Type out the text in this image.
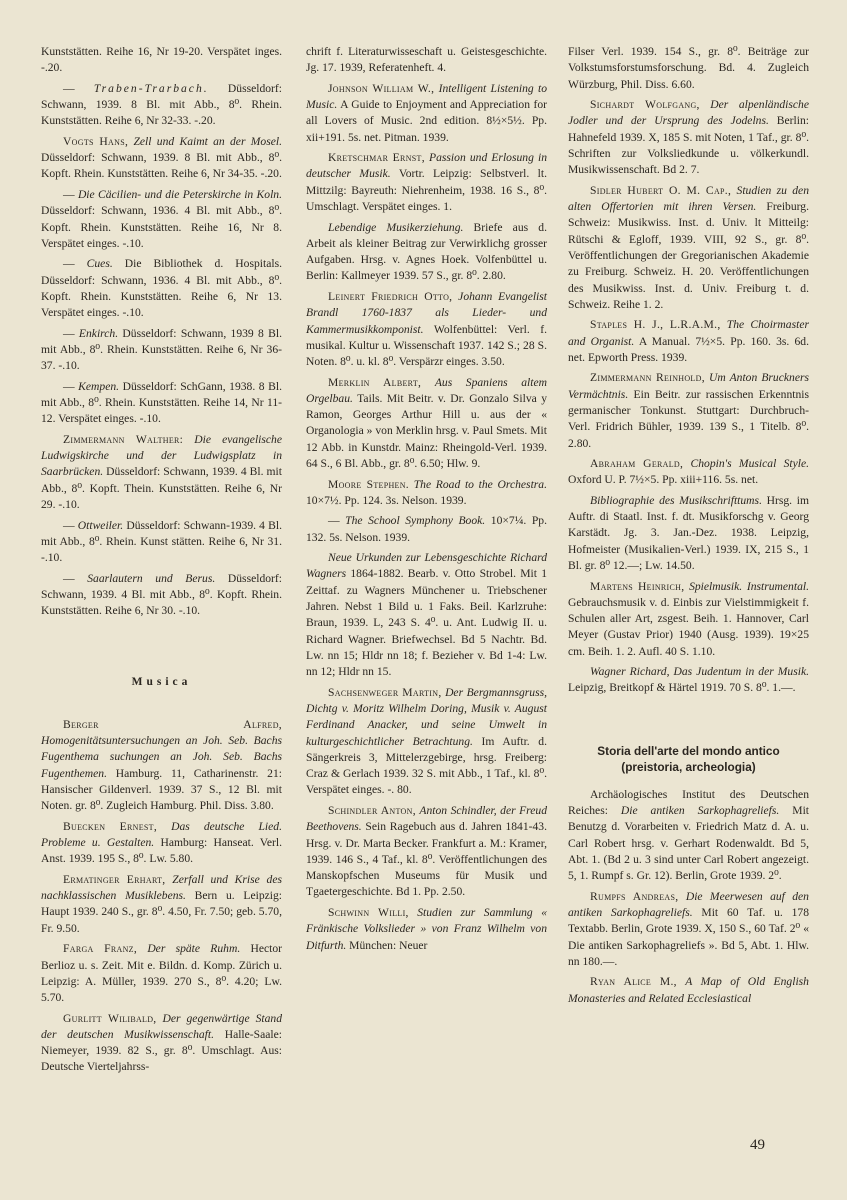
Kunststätten. Reihe 16, Nr 19-20. Verspätet inges. -.20.

— Traben-Trarbach. Düsseldorf: Schwann, 1939. 8 Bl. mit Abb., 8⁰. Rhein. Kunststätten. Reihe 6, Nr 32-33. -.20.

Vogts Hans, Zell und Kaimt an der Mosel. Düsseldorf: Schwann, 1939. 8 Bl. mit Abb., 8⁰. Kopft. Rhein. Kunststätten. Reihe 6, Nr 34-35. -.20.

— Die Cäcilien- und die Peterskirche in Koln. Düsseldorf: Schwann, 1936. 4 Bl. mit Abb., 8⁰. Kopft. Rhein. Kunststätten. Reihe 16, Nr 8. Verspätet einges. -.10.

— Cues. Die Bibliothek d. Hospitals. Düsseldorf: Schwann, 1936. 4 Bl. mit Abb., 8⁰. Kopft. Rhein. Kunststätten. Reihe 6, Nr 13. Verspätet einges. -.10.

— Enkirch. Düsseldorf: Schwann, 1939 8 Bl. mit Abb., 8⁰. Rhein. Kunststätten. Reihe 6, Nr 36-37. -.10.

— Kempen. Düsseldorf: SchGann, 1938. 8 Bl. mit Abb., 8⁰. Rhein. Kunststätten. Reihe 14, Nr 11-12. Verspätet einges. -.10.

Zimmermann Walther: Die evangelische Ludwigskirche und der Ludwigsplatz in Saarbrücken. Düsseldorf: Schwann, 1939. 4 Bl. mit Abb., 8⁰. Kopft. Thein. Kunststätten. Reihe 6, Nr 29. -.10.

— Ottweiler. Düsseldorf: Schwann-1939. 4 Bl. mit Abb., 8⁰. Rhein. Kunst stätten. Reihe 6, Nr 31. -.10.

— Saarlautern und Berus. Düsseldorf: Schwann, 1939. 4 Bl. mit Abb., 8⁰. Kopft. Rhein. Kunststätten. Reihe 6, Nr 30. -.10.

Musica

Berger Alfred, Homogenitätsuntersuchungen an Joh. Seb. Bachs Fugenthema suchungen an Joh. Seb. Bachs Fugenthemen. Hamburg. 11, Catharinenstr. 21: Hansischer Gildenverl. 1939. 37 S., 12 Bl. mit Noten. gr. 8⁰. Zugleich Hamburg. Phil. Diss. 3.80.

Buecken Ernest, Das deutsche Lied. Probleme u. Gestalten. Hamburg: Hanseat. Verl. Anst. 1939. 195 S., 8⁰. Lw. 5.80.

Ermatinger Erhart, Zerfall und Krise des nachklassischen Musiklebens. Bern u. Leipzig: Haupt 1939. 240 S., gr. 8⁰. 4.50, Fr. 7.50; geb. 5.70, Fr. 9.50.

Farga Franz, Der späte Ruhm. Hector Berlioz u. s. Zeit. Mit e. Bildn. d. Komp. Zürich u. Leipzig: A. Müller, 1939. 270 S., 8⁰. 4.20; Lw. 5.70.

Gurlitt Wilibald, Der gegenwärtige Stand der deutschen Musikwissenschaft. Halle-Saale: Niemeyer, 1939. 82 S., gr. 8⁰. Umschlagt. Aus: Deutsche Vierteljahrss-

chrift f. Literaturwisseschaft u. Geistesgeschichte. Jg. 17. 1939, Referatenheft. 4.

Johnson William W., Intelligent Listening to Music. A Guide to Enjoyment and Appreciation for all Lovers of Music. 2nd edition. 8½×5½. Pp. xii+191. 5s. net. Pitman. 1939.

Kretschmar Ernst, Passion und Erlosung in deutscher Musik. Vortr. Leipzig: Selbstverl. lt. Mittzilg: Bayreuth: Niehrenheim, 1938. 16 S., 8⁰. Umschlagt. Verspätet einges. 1.

Lebendige Musikerziehung. Briefe aus d. Arbeit als kleiner Beitrag zur Verwirklichg grosser Aufgaben. Hrsg. v. Agnes Hoek. Volfenbüttel u. Berlin: Kallmeyer 1939. 57 S., gr. 8⁰. 2.80.

Leinert Friedrich Otto, Johann Evangelist Brandl 1760-1837 als Lieder- und Kammermusikkomponist. Wolfenbüttel: Verl. f. musikal. Kultur u. Wissenschaft 1937. 142 S.; 28 S. Noten. 8⁰. u. kl. 8⁰. Verspärzr einges. 3.50.

Merklin Albert, Aus Spaniens altem Orgelbau. Tails. Mit Beitr. v. Dr. Gonzalo Silva y Ramon, Georges Arthur Hill u. aus der « Organologia » von Merklin hrsg. v. Paul Smets. Mit 12 Abb. in Kunstdr. Mainz: Rheingold-Verl. 1939. 64 S., 6 Bl. Abb., gr. 8⁰. 6.50; Hlw. 9.

Moore Stephen. The Road to the Orchestra. 10×7½. Pp. 124. 3s. Nelson. 1939.

— The School Symphony Book. 10×7¼. Pp. 132. 5s. Nelson. 1939.

Neue Urkunden zur Lebensgeschichte Richard Wagners 1864-1882. Bearb. v. Otto Strobel. Mit 1 Zeittaf. zu Wagners Münchener u. Triebschener Jahren. Nebst 1 Bild u. 1 Faks. Beil. Karlzruhe: Braun, 1939. L, 243 S. 4⁰. u. Ant. Ludwig II. u. Richard Wagner. Briefwechsel. Bd 5 Nachtr. Bd. Lw. nn 15; Hldr nn 18; f. Bezieher v. Bd 1-4: Lw. nn 12; Hldr nn 15.

Sachsenweger Martin, Der Bergmannsgruss, Dichtg v. Moritz Wilhelm Doring, Musik v. August Ferdinand Anacker, und seine Umwelt in kulturgeschichtlicher Betrachtung. Im Auftr. d. Sängerkreis 3, Mittelerzgebirge, hrsg. Freiberg: Craz & Gerlach 1939. 32 S. mit Abb., 1 Taf., kl. 8⁰. Verspätet einges. -. 80.

Schindler Anton, Anton Schindler, der Freud Beethovens. Sein Ragebuch aus d. Jahren 1841-43. Hrsg. v. Dr. Marta Becker. Frankfurt a. M.: Kramer, 1939. 146 S., 4 Taf., kl. 8⁰. Veröffentlichungen des Manskopfschen Museums für Musik und Tgaetergeschichte. Bd 1. Pp. 2.50.

Schwinn Willi, Studien zur Sammlung « Fränkische Volkslieder » von Franz Wilhelm von Ditfurth. München: Neuer

Filser Verl. 1939. 154 S., gr. 8⁰. Beiträge zur Volkstumsforstumsforschung. Bd. 4. Zugleich Würzburg, Phil. Diss. 6.60.

Sichardt Wolfgang, Der alpenländische Jodler und der Ursprung des Jodelns. Berlin: Hahnefeld 1939. X, 185 S. mit Noten, 1 Taf., gr. 8⁰. Schriften zur Volksliedkunde u. völkerkundl. Musikwissenschaft. Bd 2. 7.

Sidler Hubert O. M. Cap., Studien zu den alten Offertorien mit ihren Versen. Freiburg. Schweiz: Musikwiss. Inst. d. Univ. lt Mitteilg: Rütschi & Egloff, 1939. VIII, 92 S., gr. 8⁰. Veröffentlichungen der Gregorianischen Akademie zu Freiburg. Schweiz. H. 20. Veröffentlichungen des Musikwiss. Inst. d. Univ. Freiburg t. d. Schweiz. Reihe 1. 2.

Staples H. J., L.R.A.M., The Choirmaster and Organist. A Manual. 7½×5. Pp. 160. 3s. 6d. net. Epworth Press. 1939.

Zimmermann Reinhold, Um Anton Bruckners Vermächtnis. Ein Beitr. zur rassischen Erkenntnis germanischer Tonkunst. Stuttgart: Durchbruch- Verl. Fridrich Bühler, 1939. 139 S., 1 Titelb. 8⁰. 2.80.

Abraham Gerald, Chopin's Musical Style. Oxford U. P. 7½×5. Pp. xiii+116. 5s. net.

Bibliographie des Musikschrifttums. Hrsg. im Auftr. di Staatl. Inst. f. dt. Musikforschg v. Georg Karstädt. Jg. 3. Jan.-Dez. 1938. Leipzig, Hofmeister (Musikalien-Verl.) 1939. IX, 215 S., 1 Bl. gr. 8⁰ 12.—; Lw. 14.50.

Martens Heinrich, Spielmusik. Instrumental. Gebrauchsmusik v. d. Einbis zur Vielstimmigkeit f. Schulen aller Art, zsgest. Beih. 1. Hannover, Carl Meyer (Gustav Prior) 1940 (Ausg. 1939). 19×25 cm. Beih. 1. 2. Aufl. 40 S. 1.10.

Wagner Richard, Das Judentum in der Musik. Leipzig, Breitkopf & Härtel 1919. 70 S. 8⁰. 1.—.

Storia dell'arte del mondo antico (preistoria, archeologia)

Archäologisches Institut des Deutschen Reiches: Die antiken Sarkophagreliefs. Mit Benutzg d. Vorarbeiten v. Friedrich Matz d. A. u. Carl Robert hrsg. v. Gerhart Rodenwaldt. Bd 5, Abt. 1. (Bd 2 u. 3 sind unter Carl Robert angezeigt. 5, 1. Rumpf s. Gr. 12). Berlin, Grote 1939. 2⁰.

Rumpfs Andreas, Die Meerwesen auf den antiken Sarkophagreliefs. Mit 60 Taf. u. 178 Textabb. Berlin, Grote 1939. X, 150 S., 60 Taf. 2⁰ « Die antiken Sarkophagreliefs ». Bd 5, Abt. 1. Hlw. nn 180.—.

Ryan Alice M., A Map of Old English Monasteries and Related Ecclesiastical

49
